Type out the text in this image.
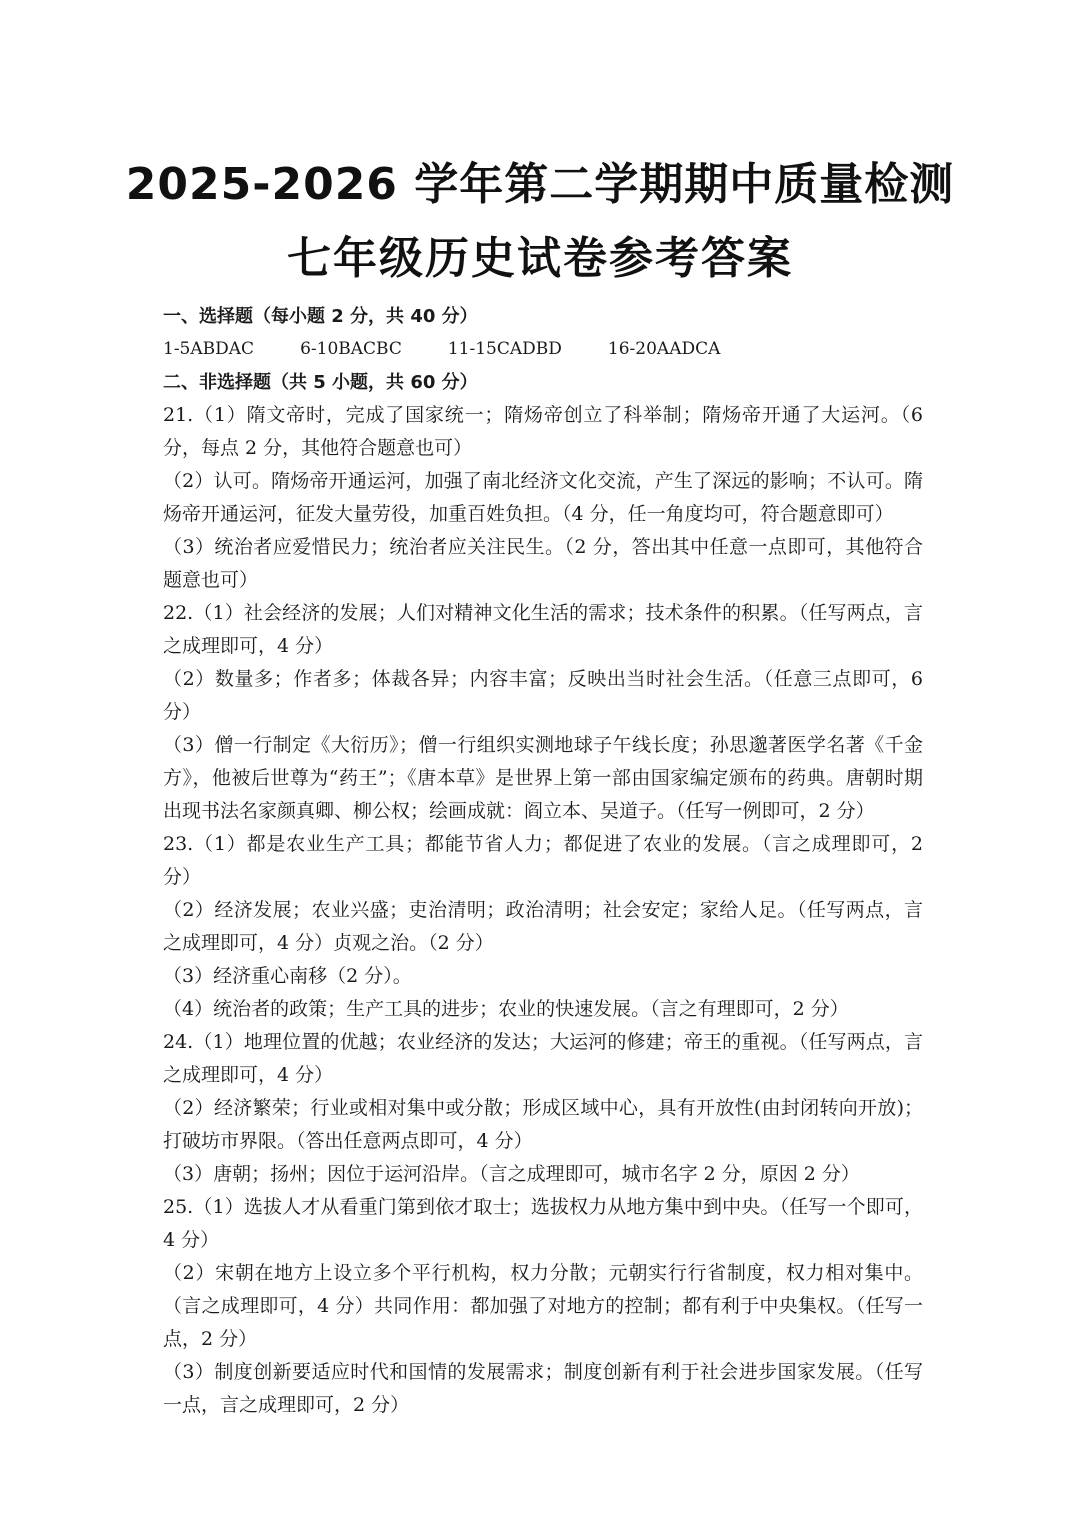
2025-2026 学年第二学期期中质量检测
七年级历史试卷参考答案
一、选择题（每小题 2 分，共 40 分）
1-5ABDAC	6-10BACBC	11-15CADBD	16-20AADCA
二、非选择题（共 5 小题，共 60 分）

21.（1）隋文帝时，完成了国家统一；隋炀帝创立了科举制；隋炀帝开通了大运河。（6 分，每点 2 分，其他符合题意也可）

（2）认可。隋炀帝开通运河，加强了南北经济文化交流，产生了深远的影响；不认可。隋炀帝开通运河，征发大量劳役，加重百姓负担。（4 分，任一角度均可，符合题意即可）

（3）统治者应爱惜民力；统治者应关注民生。（2 分，答出其中任意一点即可，其他符合题意也可）

22.（1）社会经济的发展；人们对精神文化生活的需求；技术条件的积累。（任写两点，言之成理即可，4 分）

（2）数量多；作者多；体裁各异；内容丰富；反映出当时社会生活。（任意三点即可，6 分）

（3）僧一行制定《大衍历》；僧一行组织实测地球子午线长度；孙思邈著医学名著《千金方》，他被后世尊为“药王”；《唐本草》是世界上第一部由国家编定颁布的药典。唐朝时期出现书法名家颜真卿、柳公权；绘画成就：阎立本、吴道子。（任写一例即可，2 分）

23.（1）都是农业生产工具；都能节省人力；都促进了农业的发展。（言之成理即可，2 分）

（2）经济发展；农业兴盛；吏治清明；政治清明；社会安定；家给人足。（任写两点，言之成理即可，4 分）贞观之治。（2 分）

（3）经济重心南移（2 分）。

（4）统治者的政策；生产工具的进步；农业的快速发展。（言之有理即可，2 分）

24.（1）地理位置的优越；农业经济的发达；大运河的修建；帝王的重视。（任写两点，言之成理即可，4 分）

（2）经济繁荣；行业或相对集中或分散；形成区域中心，具有开放性(由封闭转向开放)；打破坊市界限。（答出任意两点即可，4 分）

（3）唐朝；扬州；因位于运河沿岸。（言之成理即可，城市名字 2 分，原因 2 分）

25.（1）选拔人才从看重门第到依才取士；选拔权力从地方集中到中央。（任写一个即可，4 分）

（2）宋朝在地方上设立多个平行机构，权力分散；元朝实行行省制度，权力相对集中。（言之成理即可，4 分）共同作用：都加强了对地方的控制；都有利于中央集权。（任写一点，2 分）

（3）制度创新要适应时代和国情的发展需求；制度创新有利于社会进步国家发展。（任写一点，言之成理即可，2 分）
